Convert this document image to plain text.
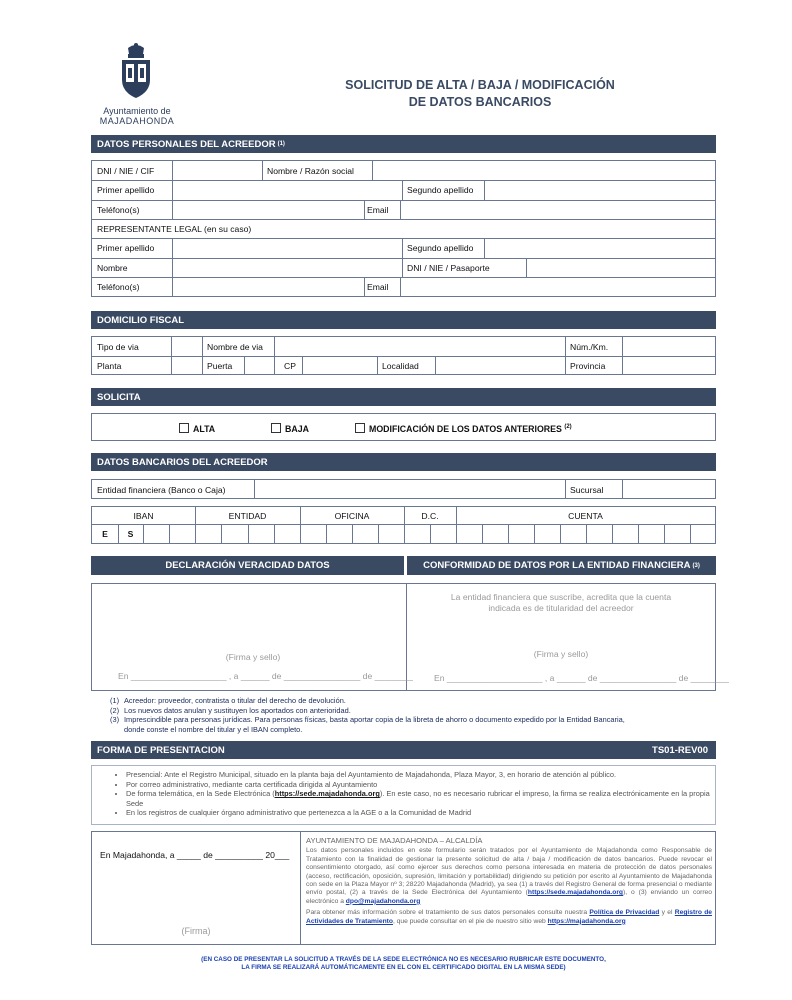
Ayuntamiento de
MAJADAHONDA
SOLICITUD DE ALTA / BAJA / MODIFICACIÓN
DE DATOS BANCARIOS
DATOS PERSONALES DEL ACREEDOR (1)
DNI / NIE / CIF	Nombre / Razón social
Primer apellido	Segundo apellido
Teléfono(s)	Email
REPRESENTANTE LEGAL (en su caso)
Primer apellido	Segundo apellido
Nombre	DNI / NIE / Pasaporte
Teléfono(s)	Email
DOMICILIO FISCAL
Tipo de via	Nombre de via	Núm./Km.
Planta	Puerta	CP	Localidad	Provincia
SOLICITA
ALTA	BAJA	MODIFICACIÓN DE LOS DATOS ANTERIORES $^{(2)}$
DATOS BANCARIOS DEL ACREEDOR
Entidad financiera (Banco o Caja)	Sucursal
IBAN	ENTIDAD	OFICINA	D.C.	CUENTA
E	S
DECLARACIÓN VERACIDAD DATOS	CONFORMIDAD DE DATOS POR LA ENTIDAD FINANCIERA (3)
(Firma y sello)
En ____________________ , a ______ de ________________ de ________
La entidad financiera que suscribe, acredita que la cuenta
indicada es de titularidad del acreedor
(Firma y sello)
En ____________________ , a ______ de ________________ de ________
(1) Acreedor: proveedor, contratista o titular del derecho de devolución.
(2) Los nuevos datos anulan y sustituyen los aportados con anterioridad.
(3) Imprescindible para personas jurídicas. Para personas físicas, basta aportar copia de la libreta de ahorro o documento expedido por la Entidad Bancaria,
donde conste el nombre del titular y el IBAN completo.
FORMA DE PRESENTACION	TS01-REV00
• Presencial: Ante el Registro Municipal, situado en la planta baja del Ayuntamiento de Majadahonda, Plaza Mayor, 3, en horario de atención al público.
• Por correo administrativo, mediante carta certificada dirigida al Ayuntamiento
• De forma telemática, en la Sede Electrónica (https://sede.majadahonda.org). En este caso, no es necesario rubricar el impreso, la firma se realiza electrónicamente en la propia Sede
• En los registros de cualquier órgano administrativo que pertenezca a la AGE o a la Comunidad de Madrid
En Majadahonda, a _____ de __________ 20___
(Firma)
AYUNTAMIENTO DE MAJADAHONDA – ALCALDÍA
Los datos personales incluidos en este formulario serán tratados por el Ayuntamiento de Majadahonda como Responsable de Tratamiento con la finalidad de gestionar la presente solicitud de alta / baja / modificación de datos bancarios. Puede revocar el consentimiento otorgado, así como ejercer sus derechos como persona interesada en materia de protección de datos personales (acceso, rectificación, oposición, supresión, limitación y portabilidad) dirigiendo su petición por escrito al Ayuntamiento de Majadahonda con sede en la Plaza Mayor nº 3; 28220 Majadahonda (Madrid), ya sea (1) a través del Registro General de forma presencial o mediante envío postal, (2) a través de la Sede Electrónica del Ayuntamiento (https://sede.majadahonda.org), o (3) enviando un correo electrónico a dpo@majadahonda.org
Para obtener más información sobre el tratamiento de sus datos personales consulte nuestra Política de Privacidad y el Registro de Actividades de Tratamiento, que puede consultar en el pie de nuestro sitio web https://majadahonda.org
(EN CASO DE PRESENTAR LA SOLICITUD A TRAVÉS DE LA SEDE ELECTRÓNICA NO ES NECESARIO RUBRICAR ESTE DOCUMENTO,
LA FIRMA SE REALIZARÁ AUTOMÁTICAMENTE EN EL CON EL CERTIFICADO DIGITAL EN LA MISMA SEDE)
